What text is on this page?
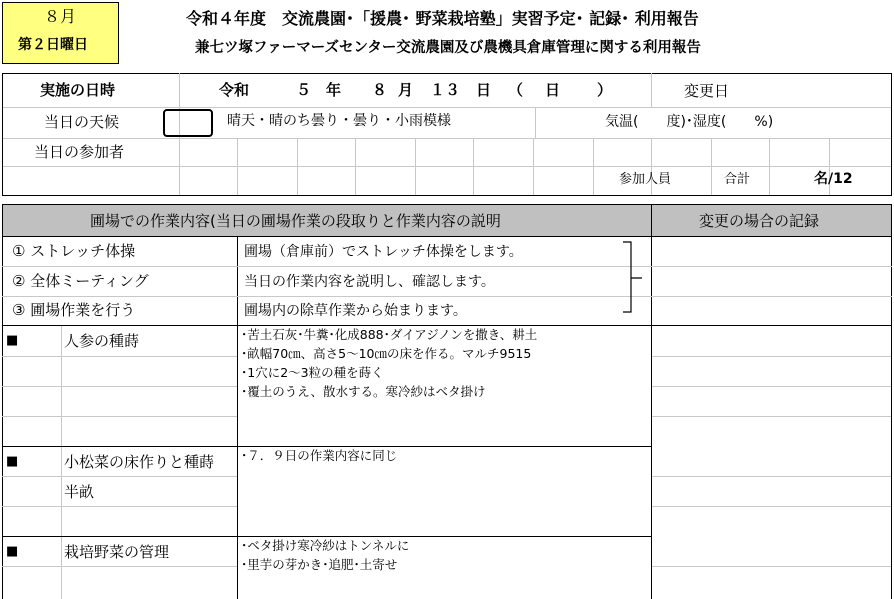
８月
第２日曜日
令和４年度　交流農園･「援農･ 野菜栽培塾」実習予定･ 記録･ 利用報告
兼七ツ塚ファーマーズセンター交流農園及び農機具倉庫管理に関する利用報告
実施の日時	令和	５ 年 ８ 月 １３ 日 （ 日 ）	変更日
当日の天候	晴天・晴のち曇り・曇り・小雨模様	気温(　　度)･湿度(　　%)
当日の参加者
参加人員	合計	名/12
圃場での作業内容(当日の圃場作業の段取りと作業内容の説明	変更の場合の記録
① ストレッチ体操	圃場（倉庫前）でストレッチ体操をします。
② 全体ミーティング	当日の作業内容を説明し、確認します。
③ 圃場作業を行う	圃場内の除草作業から始まります。
■	人参の種蒔	･苦土石灰･牛糞･化成888･ダイアジノンを撒き、耕土
･畝幅70㎝、高さ5～10㎝の床を作る。マルチ9515
･1穴に2～3粒の種を蒔く
･覆土のうえ、散水する。寒冷紗はベタ掛け
■	小松菜の床作りと種蒔
半畝
･７．９日の作業内容に同じ
■	栽培野菜の管理	･ベタ掛け寒冷紗はトンネルに
･里芋の芽かき･追肥･土寄せ
